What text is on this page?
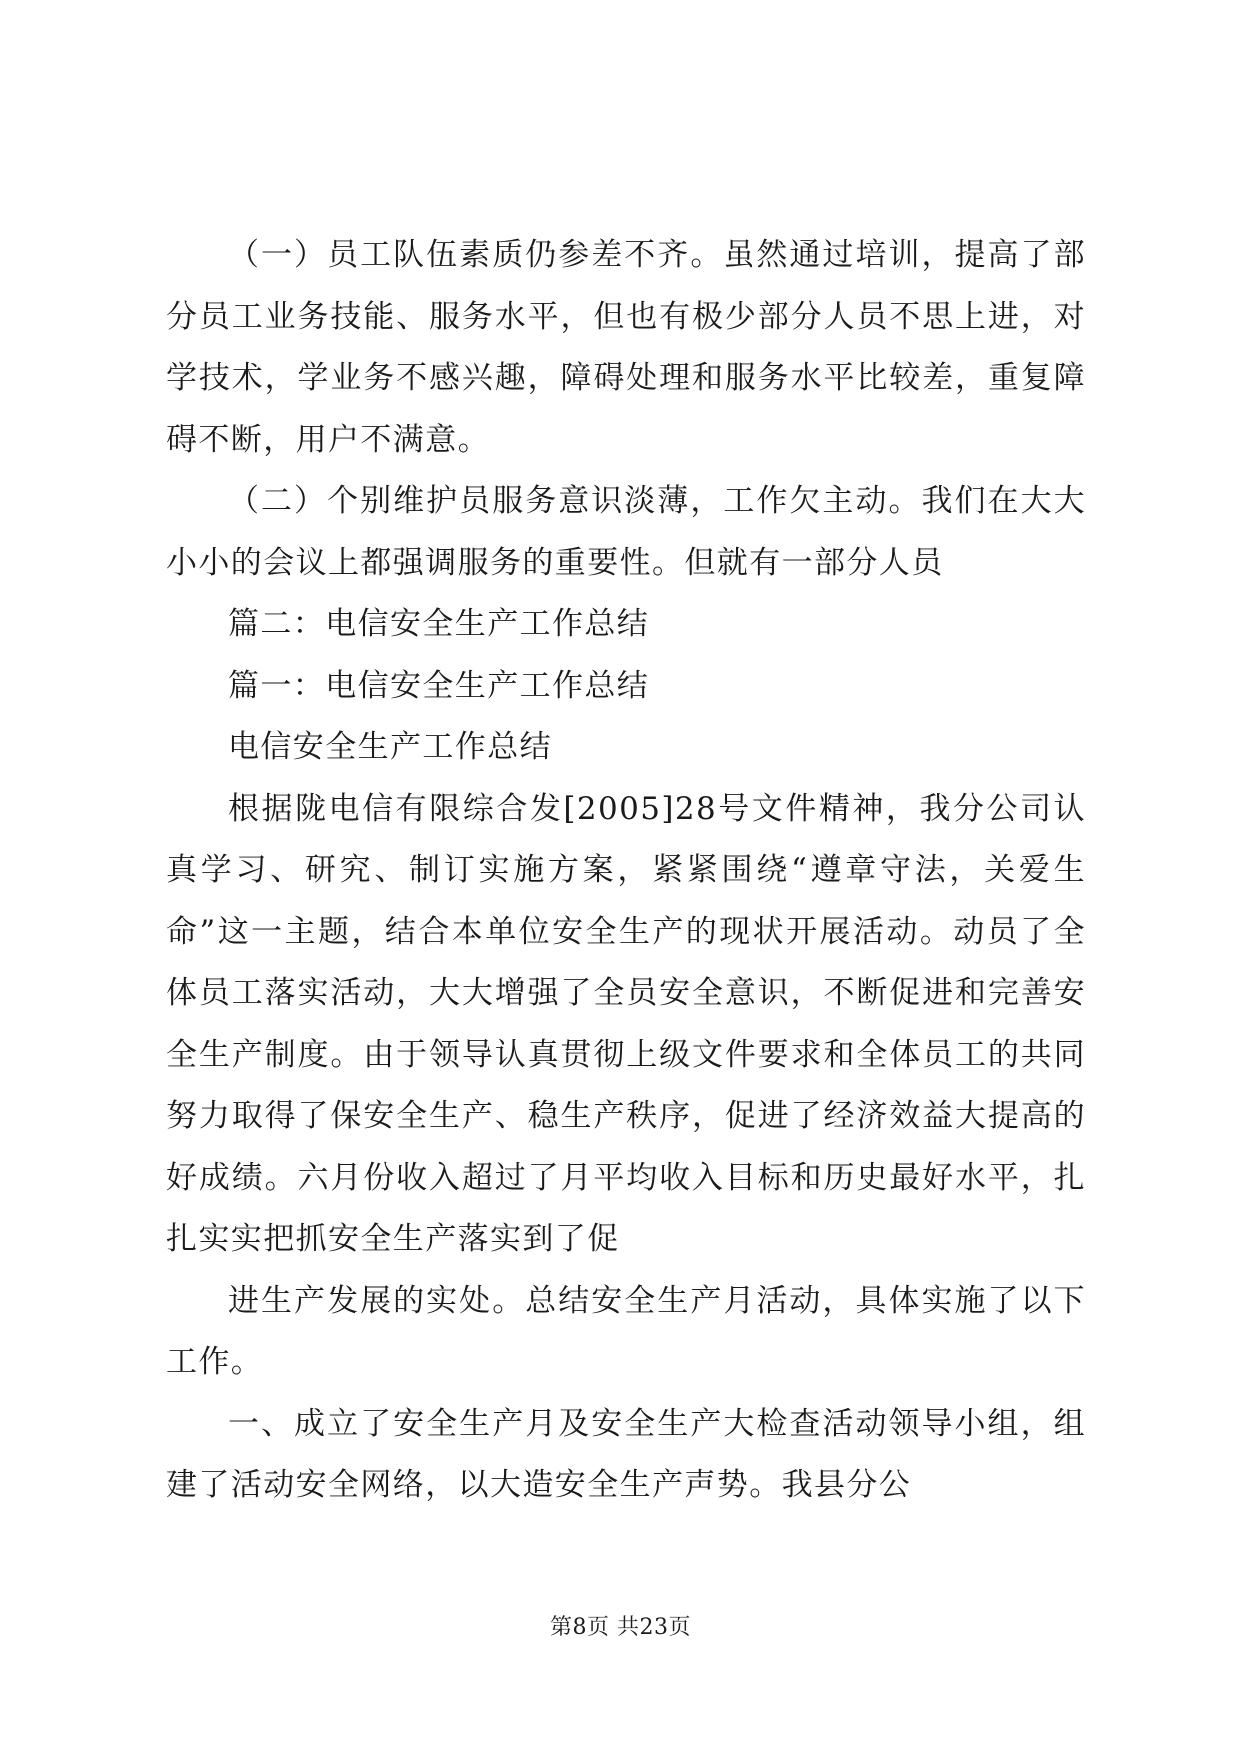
（一）员工队伍素质仍参差不齐。虽然通过培训，提高了部分员工业务技能、服务水平，但也有极少部分人员不思上进，对学技术，学业务不感兴趣，障碍处理和服务水平比较差，重复障碍不断，用户不满意。

（二）个别维护员服务意识淡薄，工作欠主动。我们在大大小小的会议上都强调服务的重要性。但就有一部分人员

篇二：电信安全生产工作总结

篇一：电信安全生产工作总结

电信安全生产工作总结

根据陇电信有限综合发[2005]28号文件精神，我分公司认真学习、研究、制订实施方案，紧紧围绕“遵章守法，关爱生命”这一主题，结合本单位安全生产的现状开展活动。动员了全体员工落实活动，大大增强了全员安全意识，不断促进和完善安全生产制度。由于领导认真贯彻上级文件要求和全体员工的共同努力取得了保安全生产、稳生产秩序，促进了经济效益大提高的好成绩。六月份收入超过了月平均收入目标和历史最好水平，扎扎实实把抓安全生产落实到了促

进生产发展的实处。总结安全生产月活动，具体实施了以下工作。

一、成立了安全生产月及安全生产大检查活动领导小组，组建了活动安全网络，以大造安全生产声势。我县分公

第8页 共23页
